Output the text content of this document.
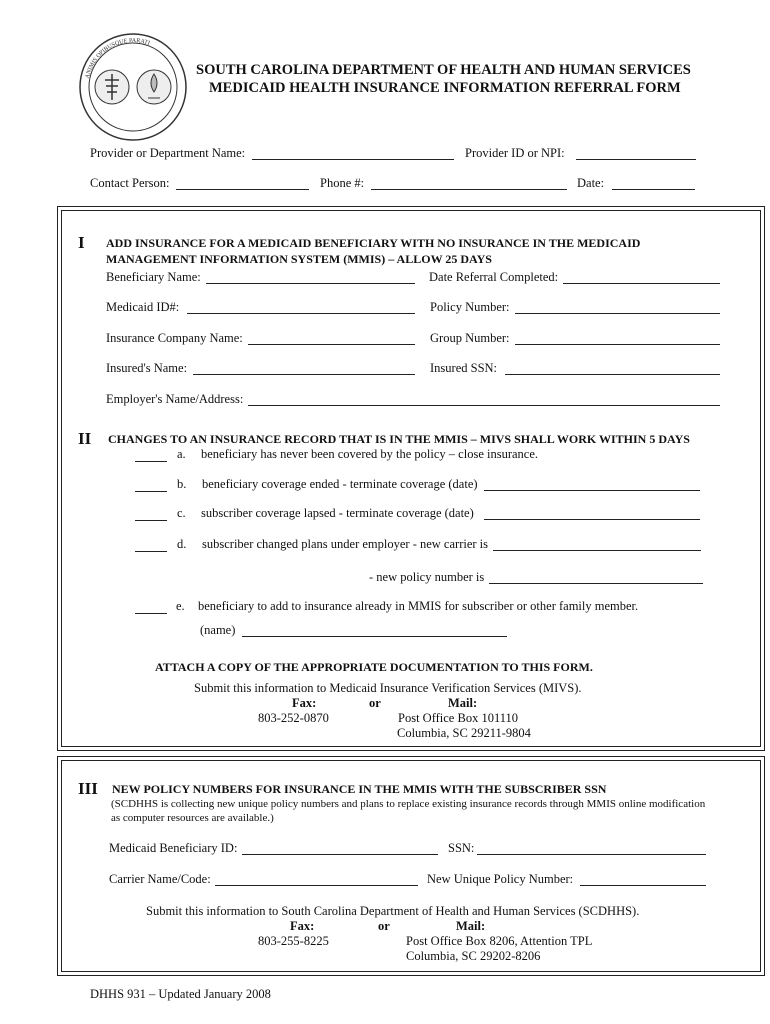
ANIMIS OPIBUSQUE PARATI
SOUTH CAROLINA DEPARTMENT OF HEALTH AND HUMAN SERVICES
MEDICAID HEALTH INSURANCE INFORMATION REFERRAL FORM
Provider or Department Name:	Provider ID or NPI:
Contact Person:	Phone #:	Date:
I ADD INSURANCE FOR A MEDICAID BENEFICIARY WITH NO INSURANCE IN THE MEDICAID
MANAGEMENT INFORMATION SYSTEM (MMIS) – ALLOW 25 DAYS
Beneficiary Name:	Date Referral Completed:
Medicaid ID#:	Policy Number:
Insurance Company Name:	Group Number:
Insured's Name:	Insured SSN:
Employer's Name/Address:
II CHANGES TO AN INSURANCE RECORD THAT IS IN THE MMIS – MIVS SHALL WORK WITHIN 5 DAYS
a. beneficiary has never been covered by the policy – close insurance.
b. beneficiary coverage ended - terminate coverage (date)
c. subscriber coverage lapsed - terminate coverage (date)
d. subscriber changed plans under employer - new carrier is
- new policy number is
e. beneficiary to add to insurance already in MMIS for subscriber or other family member.
(name)
ATTACH A COPY OF THE APPROPRIATE DOCUMENTATION TO THIS FORM.
Submit this information to Medicaid Insurance Verification Services (MIVS).
Fax:	or	Mail:
803-252-0870	Post Office Box 101110
Columbia, SC 29211-9804
III NEW POLICY NUMBERS FOR INSURANCE IN THE MMIS WITH THE SUBSCRIBER SSN
(SCDHHS is collecting new unique policy numbers and plans to replace existing insurance records through MMIS online modification
as computer resources are available.)
Medicaid Beneficiary ID:	SSN:
Carrier Name/Code:	New Unique Policy Number:
Submit this information to South Carolina Department of Health and Human Services (SCDHHS).
Fax:	or	Mail:
803-255-8225	Post Office Box 8206, Attention TPL
Columbia, SC 29202-8206
DHHS 931 – Updated January 2008
